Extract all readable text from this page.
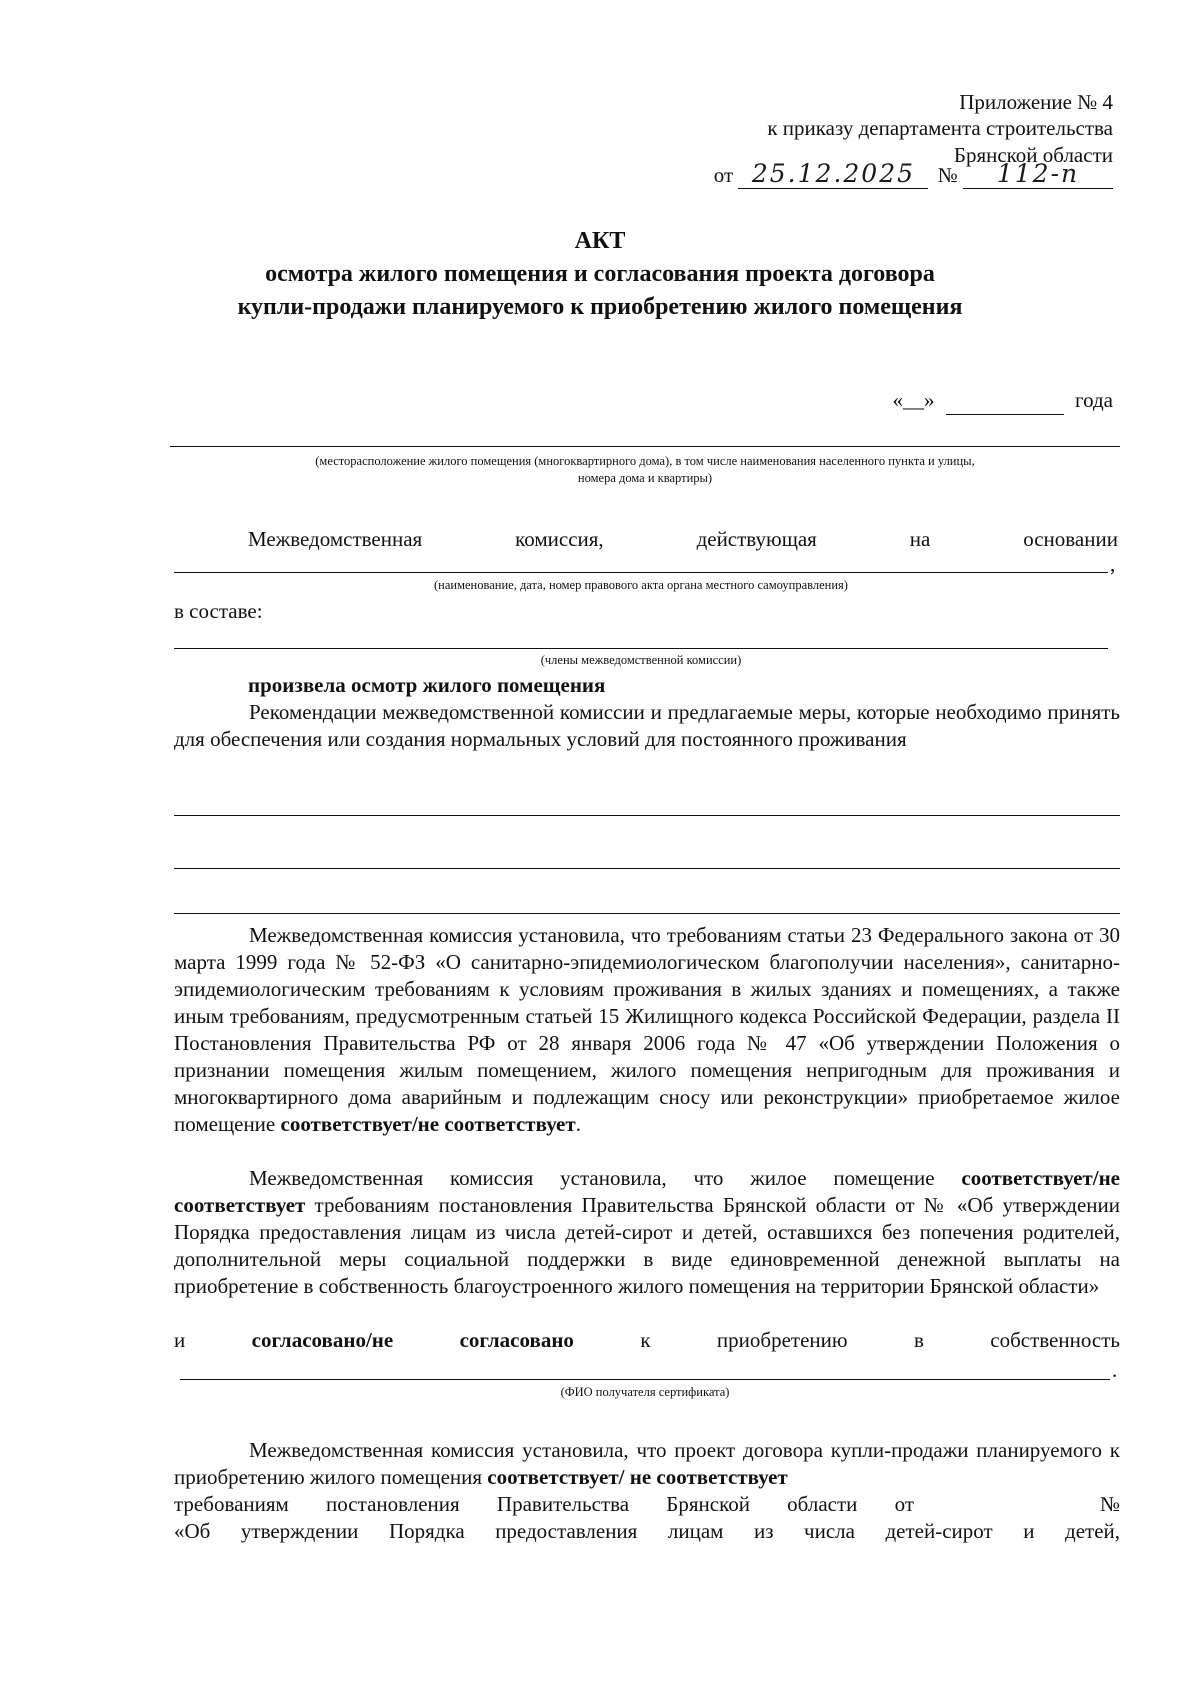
Приложение № 4
к приказу департамента строительства
Брянской области
от 25.12.2025 № 112-п
АКТ
осмотра жилого помещения и согласования проекта договора
купли-продажи планируемого к приобретению жилого помещения
«__»	года
(месторасположение жилого помещения (многоквартирного дома), в том числе наименования населенного пункта и улицы,
номера дома и квартиры)
Межведомственная	комиссия,	действующая	на	основании
,
(наименование, дата, номер правового акта органа местного самоуправления)
в составе:
(члены межведомственной комиссии)
произвела осмотр жилого помещения
Рекомендации межведомственной комиссии и предлагаемые меры, которые необходимо принять для обеспечения или создания нормальных условий для постоянного проживания
Межведомственная комиссия установила, что требованиям статьи 23 Федерального закона от 30 марта 1999 года № 52-ФЗ «О санитарно-эпидемиологическом благополучии населения», санитарно-эпидемиологическим требованиям к условиям проживания в жилых зданиях и помещениях, а также иным требованиям, предусмотренным статьей 15 Жилищного кодекса Российской Федерации, раздела II Постановления Правительства РФ от 28 января 2006 года № 47 «Об утверждении Положения о признании помещения жилым помещением, жилого помещения непригодным для проживания и многоквартирного дома аварийным и подлежащим сносу или реконструкции» приобретаемое жилое помещение соответствует/не соответствует.
Межведомственная комиссия установила, что жилое помещение соответствует/не соответствует требованиям постановления Правительства Брянской области от № «Об утверждении Порядка предоставления лицам из числа детей-сирот и детей, оставшихся без попечения родителей, дополнительной меры социальной поддержки в виде единовременной денежной выплаты на приобретение в собственность благоустроенного жилого помещения на территории Брянской области»
и	согласовано/не	согласовано	к	приобретению	в	собственность
.
(ФИО получателя сертификата)
Межведомственная комиссия установила, что проект договора купли-продажи планируемого к приобретению жилого помещения соответствует/ не соответствует
требованиям постановления Правительства Брянской области от	№
«Об утверждении Порядка предоставления лицам из числа детей-сирот и детей,
